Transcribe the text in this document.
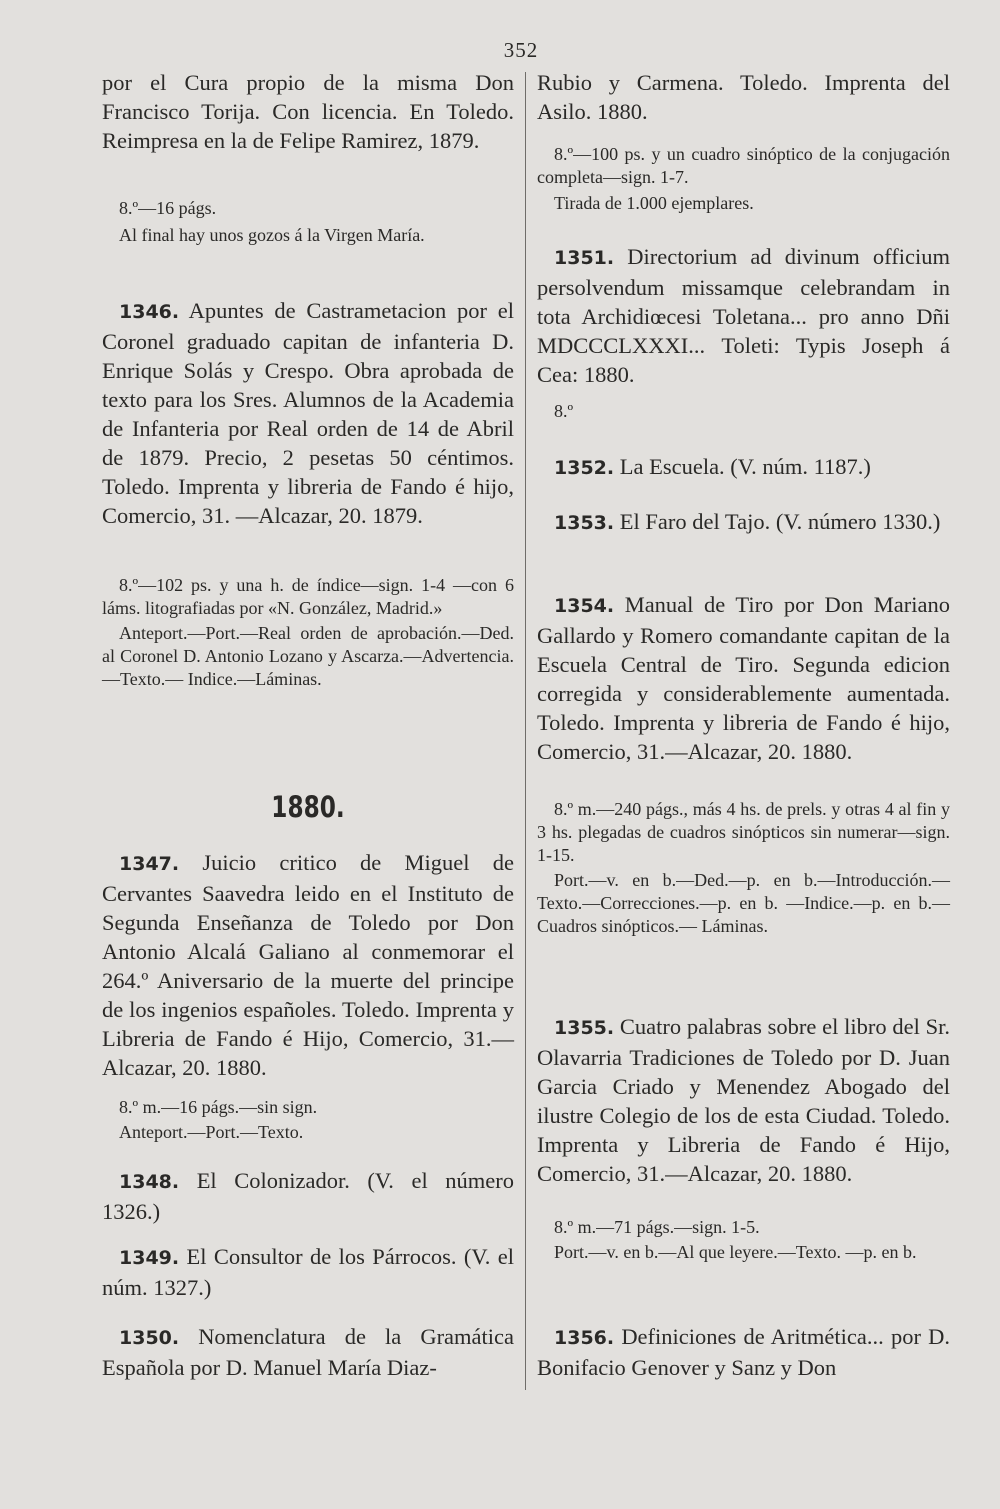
352

por el Cura propio de la misma Don Francisco Torija. Con licencia. En Toledo. Reimpresa en la de Felipe Ramirez, 1879.

8.º—16 págs.

Al final hay unos gozos á la Virgen María.

1346. Apuntes de Castrametacion por el Coronel graduado capitan de infanteria D. Enrique Solás y Crespo. Obra aprobada de texto para los Sres. Alumnos de la Academia de Infanteria por Real orden de 14 de Abril de 1879. Precio, 2 pesetas 50 céntimos. Toledo. Imprenta y libreria de Fando é hijo, Comercio, 31. —Alcazar, 20. 1879.

8.º—102 ps. y una h. de índice—sign. 1-4 —con 6 láms. litografiadas por «N. González, Madrid.»

Anteport.—Port.—Real orden de aprobación.—Ded. al Coronel D. Antonio Lozano y Ascarza.—Advertencia.—Texto.— Indice.—Láminas.

1880.

1347. Juicio critico de Miguel de Cervantes Saavedra leido en el Instituto de Segunda Enseñanza de Toledo por Don Antonio Alcalá Galiano al conmemorar el 264.º Aniversario de la muerte del principe de los ingenios españoles. Toledo. Imprenta y Libreria de Fando é Hijo, Comercio, 31.—Alcazar, 20. 1880.

8.º m.—16 págs.—sin sign.

Anteport.—Port.—Texto.

1348. El Colonizador. (V. el número 1326.)

1349. El Consultor de los Párrocos. (V. el núm. 1327.)

1350. Nomenclatura de la Gramática Española por D. Manuel María Diaz-

Rubio y Carmena. Toledo. Imprenta del Asilo. 1880.

8.º—100 ps. y un cuadro sinóptico de la conjugación completa—sign. 1-7.

Tirada de 1.000 ejemplares.

1351. Directorium ad divinum officium persolvendum missamque celebrandam in tota Archidiœcesi Toletana... pro anno Dñi MDCCCLXXXI... Toleti: Typis Joseph á Cea: 1880.

8.º

1352. La Escuela. (V. núm. 1187.)

1353. El Faro del Tajo. (V. número 1330.)

1354. Manual de Tiro por Don Mariano Gallardo y Romero comandante capitan de la Escuela Central de Tiro. Segunda edicion corregida y considerablemente aumentada. Toledo. Imprenta y libreria de Fando é hijo, Comercio, 31.—Alcazar, 20. 1880.

8.º m.—240 págs., más 4 hs. de prels. y otras 4 al fin y 3 hs. plegadas de cuadros sinópticos sin numerar—sign. 1-15.

Port.—v. en b.—Ded.—p. en b.—Introducción.—Texto.—Correcciones.—p. en b. —Indice.—p. en b.—Cuadros sinópticos.— Láminas.

1355. Cuatro palabras sobre el libro del Sr. Olavarria Tradiciones de Toledo por D. Juan Garcia Criado y Menendez Abogado del ilustre Colegio de los de esta Ciudad. Toledo. Imprenta y Libreria de Fando é Hijo, Comercio, 31.—Alcazar, 20. 1880.

8.º m.—71 págs.—sign. 1-5.

Port.—v. en b.—Al que leyere.—Texto. —p. en b.

1356. Definiciones de Aritmética... por D. Bonifacio Genover y Sanz y Don
